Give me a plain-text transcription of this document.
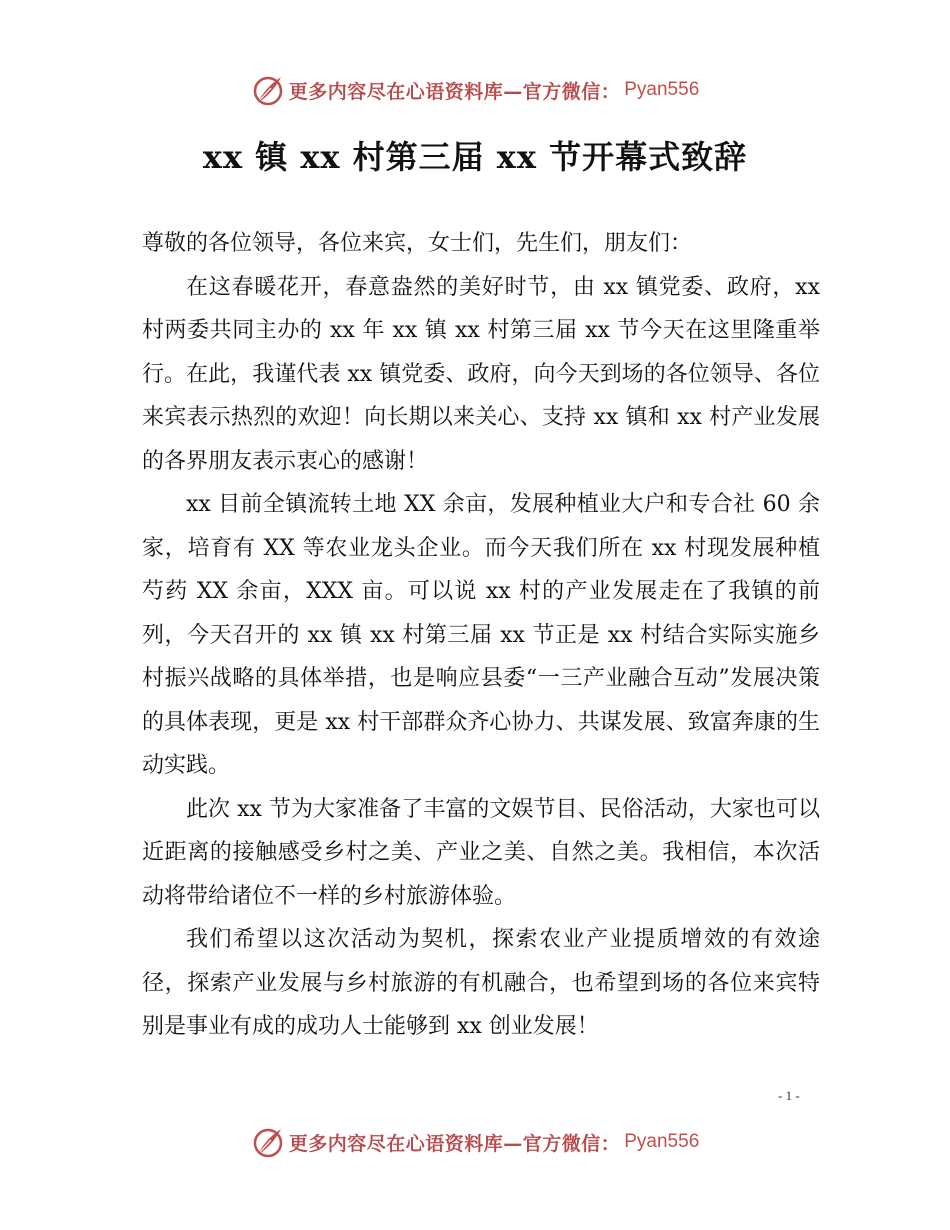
更多内容尽在心语资料库—官方微信： Pyan556
xx 镇 xx 村第三届 xx 节开幕式致辞

尊敬的各位领导，各位来宾，女士们，先生们，朋友们：

在这春暖花开，春意盎然的美好时节，由 xx 镇党委、政府，xx 村两委共同主办的 xx 年 xx 镇 xx 村第三届 xx 节今天在这里隆重举行。在此，我谨代表 xx 镇党委、政府，向今天到场的各位领导、各位来宾表示热烈的欢迎！向长期以来关心、支持 xx 镇和 xx 村产业发展的各界朋友表示衷心的感谢！

xx 目前全镇流转土地 XX 余亩，发展种植业大户和专合社 60 余家，培育有 XX 等农业龙头企业。而今天我们所在 xx 村现发展种植芍药 XX 余亩，XXX 亩。可以说 xx 村的产业发展走在了我镇的前列，今天召开的 xx 镇 xx 村第三届 xx 节正是 xx 村结合实际实施乡村振兴战略的具体举措，也是响应县委“一三产业融合互动”发展决策的具体表现，更是 xx 村干部群众齐心协力、共谋发展、致富奔康的生动实践。

此次 xx 节为大家准备了丰富的文娱节目、民俗活动，大家也可以近距离的接触感受乡村之美、产业之美、自然之美。我相信，本次活动将带给诸位不一样的乡村旅游体验。

我们希望以这次活动为契机，探索农业产业提质增效的有效途径，探索产业发展与乡村旅游的有机融合，也希望到场的各位来宾特别是事业有成的成功人士能够到 xx 创业发展！

- 1 -
更多内容尽在心语资料库—官方微信： Pyan556
